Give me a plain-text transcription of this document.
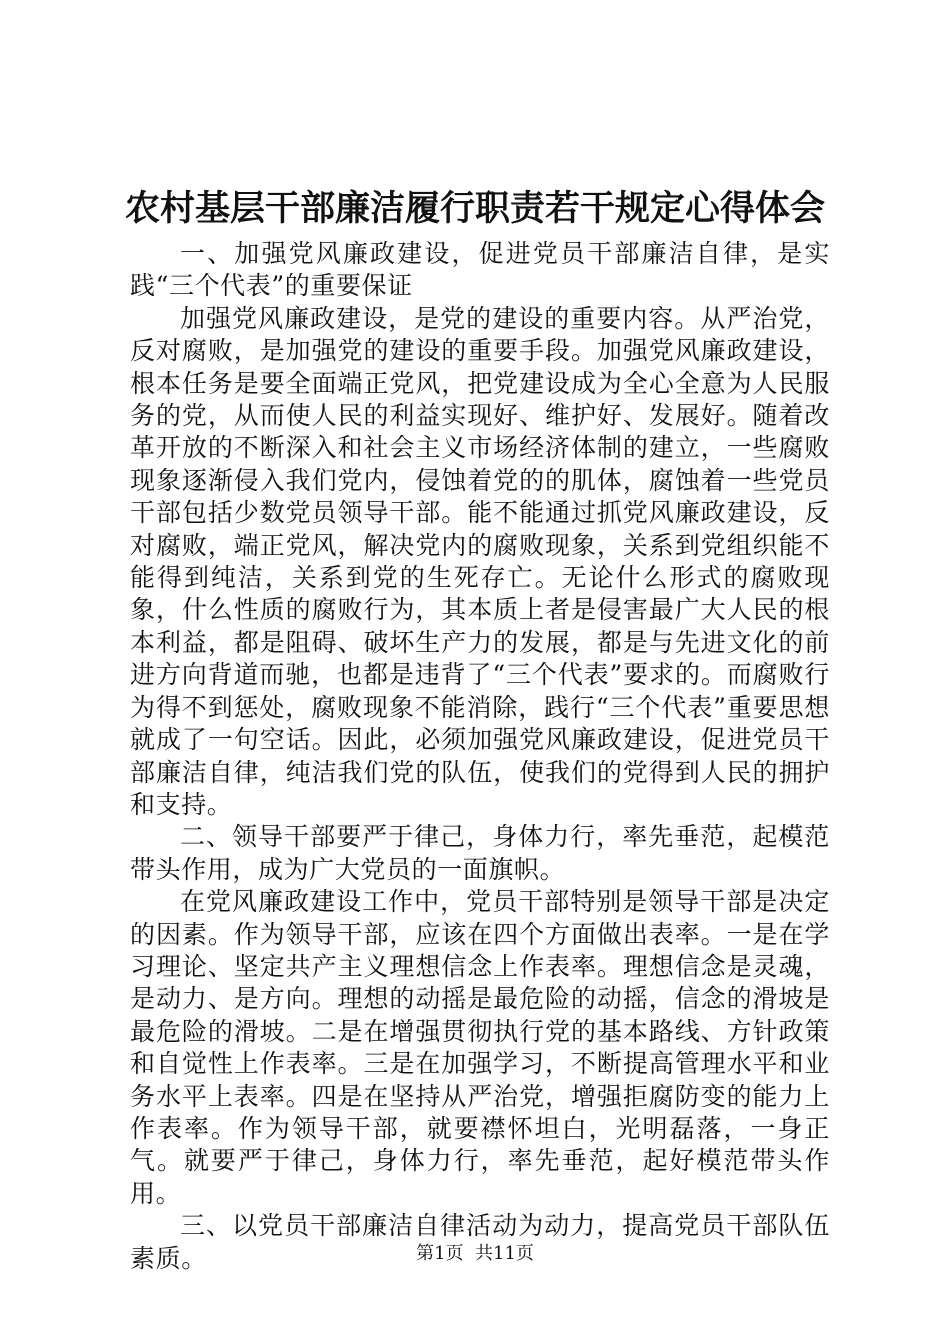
农村基层干部廉洁履行职责若干规定心得体会

一、加强党风廉政建设，促进党员干部廉洁自律，是实践“三个代表”的重要保证

加强党风廉政建设，是党的建设的重要内容。从严治党，反对腐败，是加强党的建设的重要手段。加强党风廉政建设，根本任务是要全面端正党风，把党建设成为全心全意为人民服务的党，从而使人民的利益实现好、维护好、发展好。随着改革开放的不断深入和社会主义市场经济体制的建立，一些腐败现象逐渐侵入我们党内，侵蚀着党的的肌体，腐蚀着一些党员干部包括少数党员领导干部。能不能通过抓党风廉政建设，反对腐败，端正党风，解决党内的腐败现象，关系到党组织能不能得到纯洁，关系到党的生死存亡。无论什么形式的腐败现象，什么性质的腐败行为，其本质上者是侵害最广大人民的根本利益，都是阻碍、破坏生产力的发展，都是与先进文化的前进方向背道而驰，也都是违背了“三个代表”要求的。而腐败行为得不到惩处，腐败现象不能消除，践行“三个代表”重要思想就成了一句空话。因此，必须加强党风廉政建设，促进党员干部廉洁自律，纯洁我们党的队伍，使我们的党得到人民的拥护和支持。

二、领导干部要严于律己，身体力行，率先垂范，起模范带头作用，成为广大党员的一面旗帜。

在党风廉政建设工作中，党员干部特别是领导干部是决定的因素。作为领导干部，应该在四个方面做出表率。一是在学习理论、坚定共产主义理想信念上作表率。理想信念是灵魂，是动力、是方向。理想的动摇是最危险的动摇，信念的滑坡是最危险的滑坡。二是在增强贯彻执行党的基本路线、方针政策和自觉性上作表率。三是在加强学习，不断提高管理水平和业务水平上表率。四是在坚持从严治党，增强拒腐防变的能力上作表率。作为领导干部，就要襟怀坦白，光明磊落，一身正气。就要严于律己，身体力行，率先垂范，起好模范带头作用。

三、以党员干部廉洁自律活动为动力，提高党员干部队伍素质。	第1页 共11页
